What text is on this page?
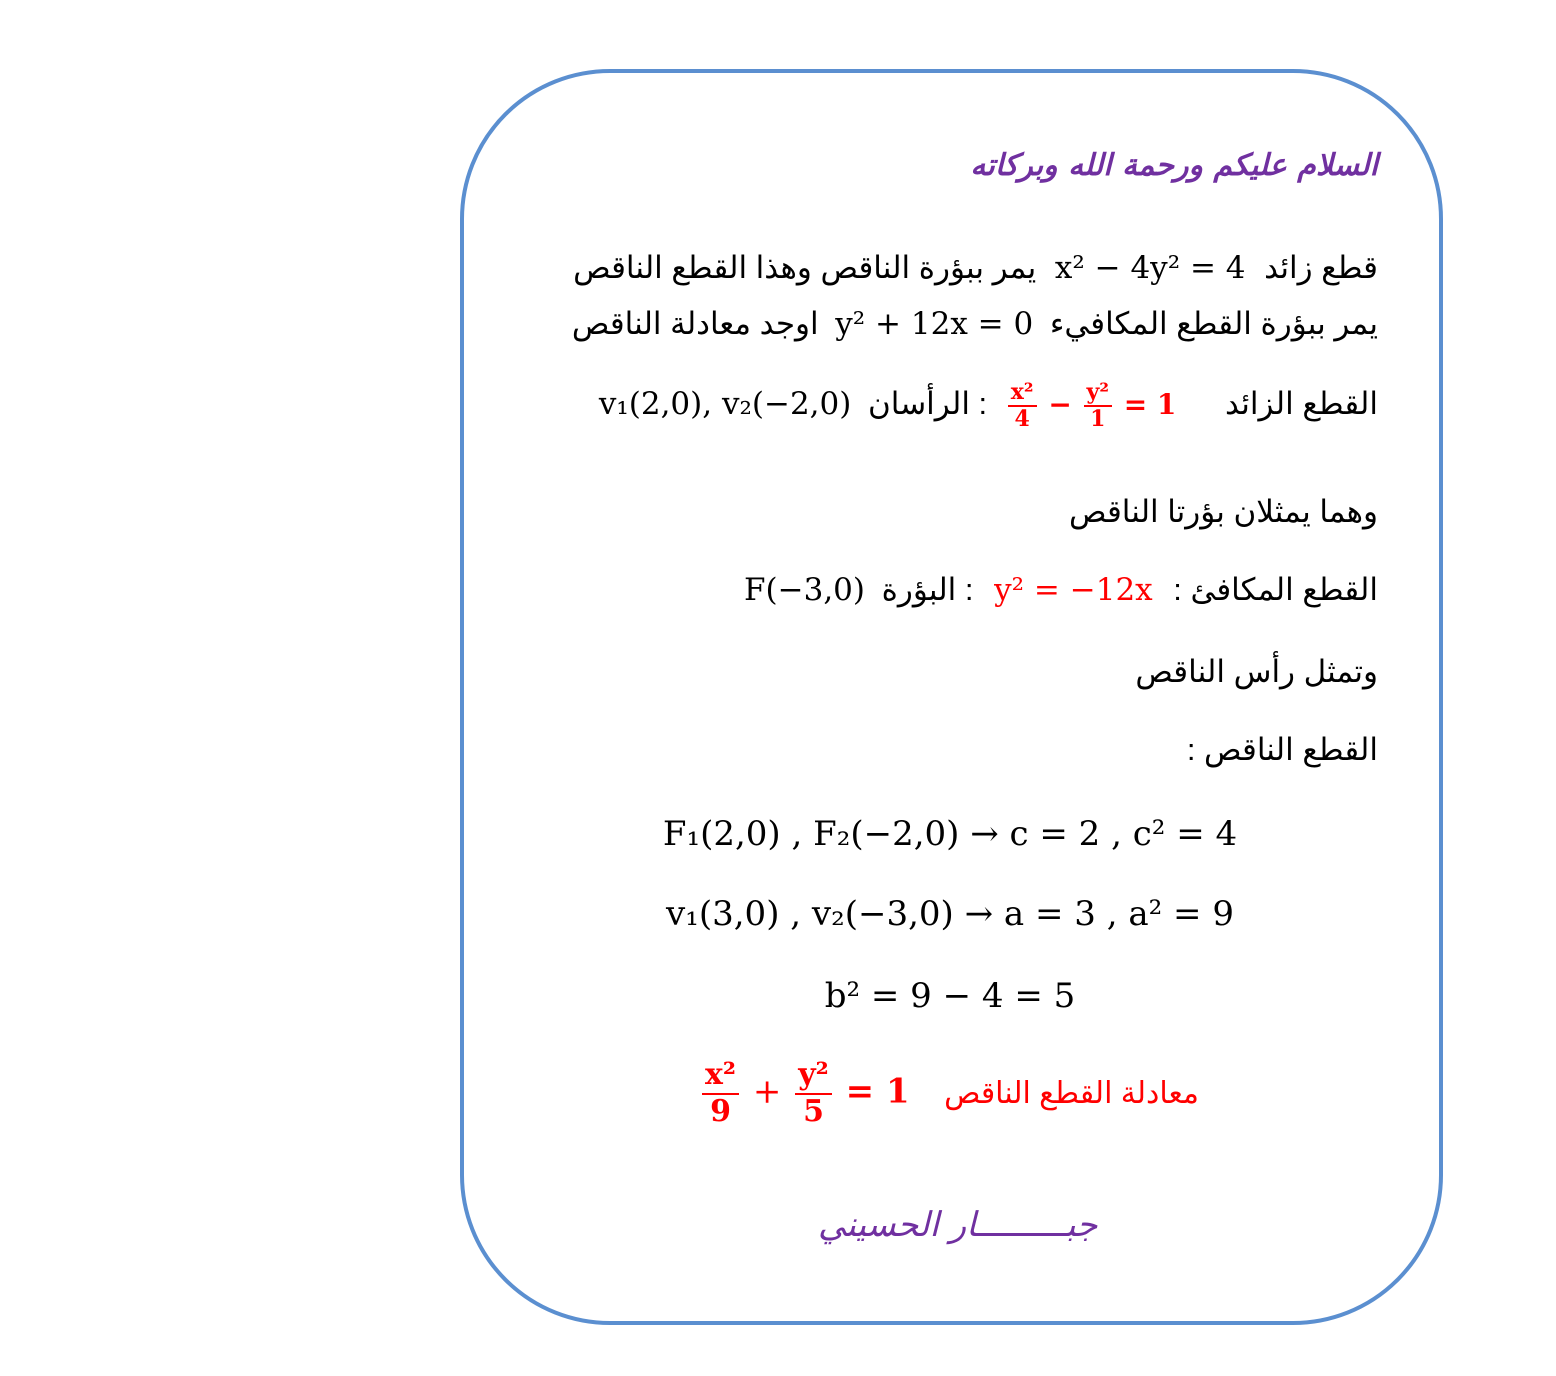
السلام عليكم ورحمة الله وبركاته
قطع زائد x² − 4y² = 4 يمر ببؤرة الناقص وهذا القطع الناقص
يمر ببؤرة القطع المكافيء y² + 12x = 0 اوجد معادلة الناقص
القطع الزائد
$\frac{\text{x²}}{4} - \frac{\text{y²}}{1} = 1$ : الرأسان v₁(2,0), v₂(−2,0)
وهما يمثلان بؤرتا الناقص
القطع المكافئ : y² = −12x : البؤرة F(−3,0)
وتمثل رأس الناقص
القطع الناقص :
F₁(2,0) , F₂(−2,0) → c = 2 , c² = 4
v₁(3,0) , v₂(−3,0) → a = 3 , a² = 9
b² = 9 − 4 = 5
$\frac{\text{x²}}{9} + \frac{\text{y²}}{5} = 1$ معادلة القطع الناقص
جبـــــــــار الحسيني
